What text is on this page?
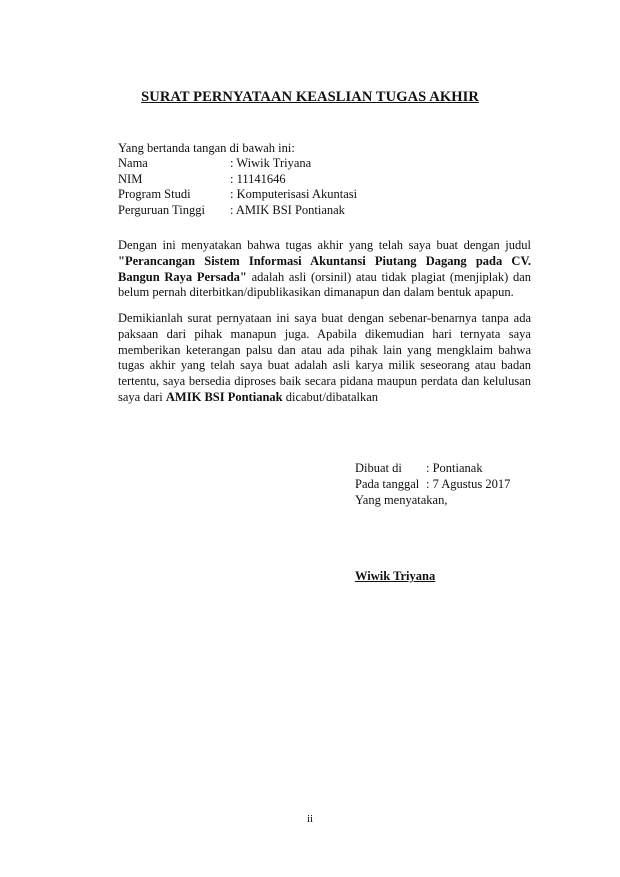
SURAT PERNYATAAN KEASLIAN TUGAS AKHIR
Yang bertanda tangan di bawah ini:
Nama	: Wiwik Triyana
NIM	: 11141646
Program Studi	: Komputerisasi Akuntasi
Perguruan Tinggi : AMIK BSI Pontianak

Dengan ini menyatakan bahwa tugas akhir yang telah saya buat dengan judul "Perancangan Sistem Informasi Akuntansi Piutang Dagang pada CV. Bangun Raya Persada" adalah asli (orsinil) atau tidak plagiat (menjiplak) dan belum pernah diterbitkan/dipublikasikan dimanapun dan dalam bentuk apapun.

Demikianlah surat pernyataan ini saya buat dengan sebenar-benarnya tanpa ada paksaan dari pihak manapun juga. Apabila dikemudian hari ternyata saya memberikan keterangan palsu dan atau ada pihak lain yang mengklaim bahwa tugas akhir yang telah saya buat adalah asli karya milik seseorang atau badan tertentu, saya bersedia diproses baik secara pidana maupun perdata dan kelulusan saya dari AMIK BSI Pontianak dicabut/dibatalkan

Dibuat di : Pontianak
Pada tanggal : 7 Agustus 2017
Yang menyatakan,
Wiwik Triyana
ii
